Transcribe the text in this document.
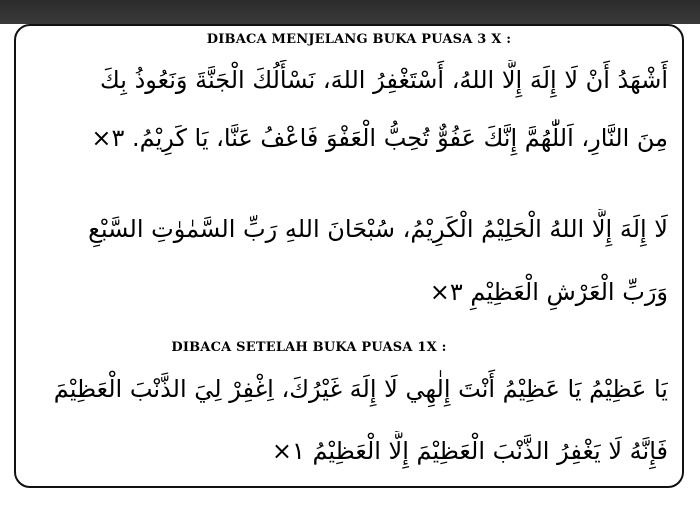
DIBACA MENJELANG BUKA PUASA 3 X :
أَشْهَدُ أَنْ لَا إِلَهَ إِلَّا اللهُ، أَسْتَغْفِرُ اللهَ، نَسْأَلُكَ الْجَنَّةَ وَنَعُوذُ بِكَ
مِنَ النَّارِ، اَللّٰهُمَّ إِنَّكَ عَفُوٌّ تُحِبُّ الْعَفْوَ فَاعْفُ عَنَّا، يَا كَرِيْمُ. ٣×
لَا إِلَهَ إِلَّا اللهُ الْحَلِيْمُ الْكَرِيْمُ، سُبْحَانَ اللهِ رَبِّ السَّمٰوٰتِ السَّبْعِ
وَرَبِّ الْعَرْشِ الْعَظِيْمِ ٣×
DIBACA SETELAH BUKA PUASA 1X :
يَا عَظِيْمُ يَا عَظِيْمُ أَنْتَ إِلٰهِي لَا إِلَهَ غَيْرُكَ، اِغْفِرْ لِيَ الذَّنْبَ الْعَظِيْمَ
فَإِنَّهُ لَا يَغْفِرُ الذَّنْبَ الْعَظِيْمَ إِلَّا الْعَظِيْمُ ١×
